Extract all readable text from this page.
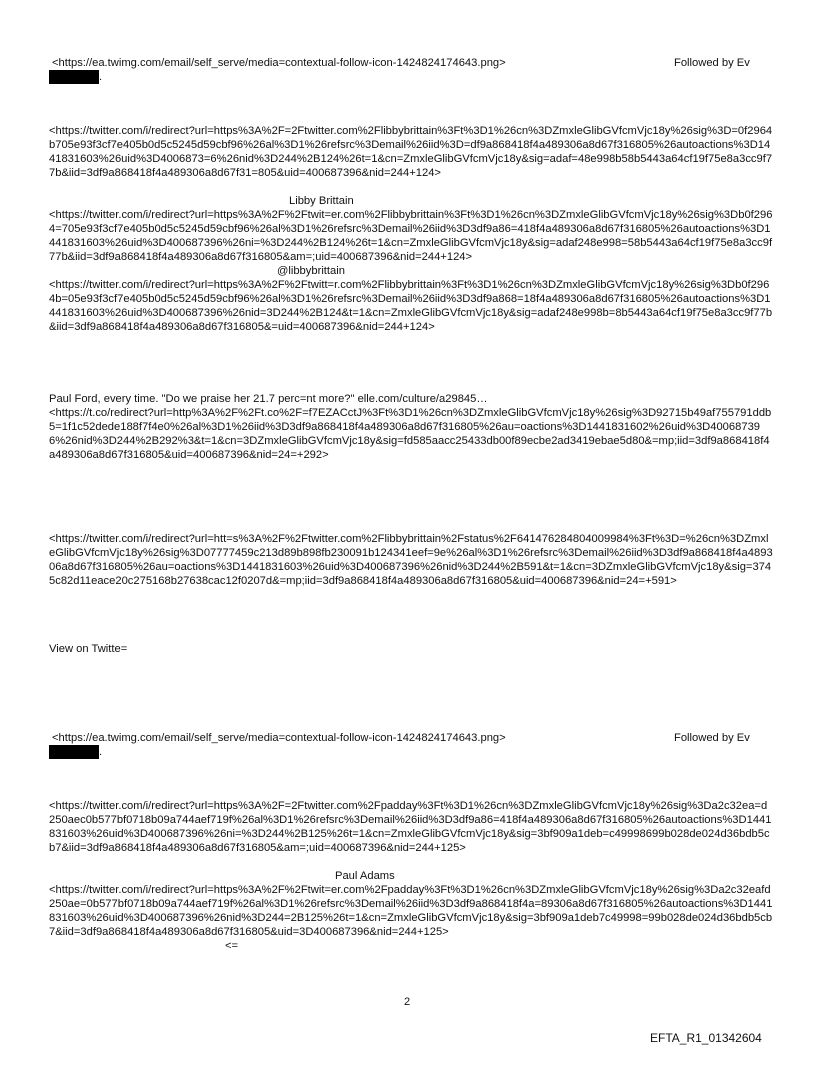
<https://ea.twimg.com/email/self_serve/media=contextual-follow-icon-1424824174643.png>	Followed by Ev
.
<https://twitter.com/i/redirect?url=https%3A%2F=2Ftwitter.com%2Flibbybrittain%3Ft%3D1%26cn%3DZmxleGlibGVfcmVjc18y%26sig%3D=0f2964b705e93f3cf7e405b0d5c5245d59cbf96%26al%3D1%26refsrc%3Demail%26iid%3D=df9a868418f4a489306a8d67f316805%26autoactions%3D1441831603%26uid%3D4006873=6%26nid%3D244%2B124%26t=1&cn=ZmxleGlibGVfcmVjc18y&sig=adaf=48e998b58b5443a64cf19f75e8a3cc9f77b&iid=3df9a868418f4a489306a8d67f31=805&uid=400687396&nid=244+124>
Libby Brittain
<https://twitter.com/i/redirect?url=https%3A%2F%2Ftwit=er.com%2Flibbybrittain%3Ft%3D1%26cn%3DZmxleGlibGVfcmVjc18y%26sig%3Db0f2964=705e93f3cf7e405b0d5c5245d59cbf96%26al%3D1%26refsrc%3Demail%26iid%3D3df9a86=418f4a489306a8d67f316805%26autoactions%3D1441831603%26uid%3D400687396%26ni=%3D244%2B124%26t=1&cn=ZmxleGlibGVfcmVjc18y&sig=adaf248e998=58b5443a64cf19f75e8a3cc9f77b&iid=3df9a868418f4a489306a8d67f316805&am=;uid=400687396&nid=244+124>
@libbybrittain
<https://twitter.com/i/redirect?url=https%3A%2F%2Ftwitt=r.com%2Flibbybrittain%3Ft%3D1%26cn%3DZmxleGlibGVfcmVjc18y%26sig%3Db0f2964b=05e93f3cf7e405b0d5c5245d59cbf96%26al%3D1%26refsrc%3Demail%26iid%3D3df9a868=18f4a489306a8d67f316805%26autoactions%3D1441831603%26uid%3D400687396%26nid=3D244%2B124&t=1&cn=ZmxleGlibGVfcmVjc18y&sig=adaf248e998b=8b5443a64cf19f75e8a3cc9f77b&iid=3df9a868418f4a489306a8d67f316805&=uid=400687396&nid=244+124>
Paul Ford, every time. "Do we praise her 21.7 perc=nt more?" elle.com/culture/a29845…
<https://t.co/redirect?url=http%3A%2F%2Ft.co%2F=f7EZACctJ%3Ft%3D1%26cn%3DZmxleGlibGVfcmVjc18y%26sig%3D92715b49af755791ddb5=1f1c52dede188f7f4e0%26al%3D1%26iid%3D3df9a868418f4a489306a8d67f316805%26au=oactions%3D1441831602%26uid%3D400687396%26nid%3D244%2B292%3&t=1&cn=3DZmxleGlibGVfcmVjc18y&sig=fd585aacc25433db00f89ecbe2ad3419ebae5d80&=mp;iid=3df9a868418f4a489306a8d67f316805&uid=400687396&nid=24=+292>
<https://twitter.com/i/redirect?url=htt=s%3A%2F%2Ftwitter.com%2Flibbybrittain%2Fstatus%2F641476284804009984%3Ft%3D=%26cn%3DZmxleGlibGVfcmVjc18y%26sig%3D07777459c213d89b898fb230091b124341eef=9e%26al%3D1%26refsrc%3Demail%26iid%3D3df9a868418f4a489306a8d67f316805%26au=oactions%3D1441831603%26uid%3D400687396%26nid%3D244%2B591&t=1&cn=3DZmxleGlibGVfcmVjc18y&sig=3745c82d11eace20c275168b27638cac12f0207d&=mp;iid=3df9a868418f4a489306a8d67f316805&uid=400687396&nid=24=+591>
View on Twitte=
<https://ea.twimg.com/email/self_serve/media=contextual-follow-icon-1424824174643.png>	Followed by Ev
.
<https://twitter.com/i/redirect?url=https%3A%2F=2Ftwitter.com%2Fpadday%3Ft%3D1%26cn%3DZmxleGlibGVfcmVjc18y%26sig%3Da2c32ea=d250aec0b577bf0718b09a744aef719f%26al%3D1%26refsrc%3Demail%26iid%3D3df9a86=418f4a489306a8d67f316805%26autoactions%3D1441831603%26uid%3D400687396%26ni=%3D244%2B125%26t=1&cn=ZmxleGlibGVfcmVjc18y&sig=3bf909a1deb=c49998699b028de024d36bdb5cb7&iid=3df9a868418f4a489306a8d67f316805&am=;uid=400687396&nid=244+125>
Paul Adams
<https://twitter.com/i/redirect?url=https%3A%2F%2Ftwit=er.com%2Fpadday%3Ft%3D1%26cn%3DZmxleGlibGVfcmVjc18y%26sig%3Da2c32eafd250ae=0b577bf0718b09a744aef719f%26al%3D1%26refsrc%3Demail%26iid%3D3df9a868418f4a=89306a8d67f316805%26autoactions%3D1441831603%26uid%3D400687396%26nid%3D244=2B125%26t=1&cn=ZmxleGlibGVfcmVjc18y&sig=3bf909a1deb7c49998=99b028de024d36bdb5cb7&iid=3df9a868418f4a489306a8d67f316805&uid=3D400687396&nid=244+125>
<=
2
EFTA_R1_01342604
